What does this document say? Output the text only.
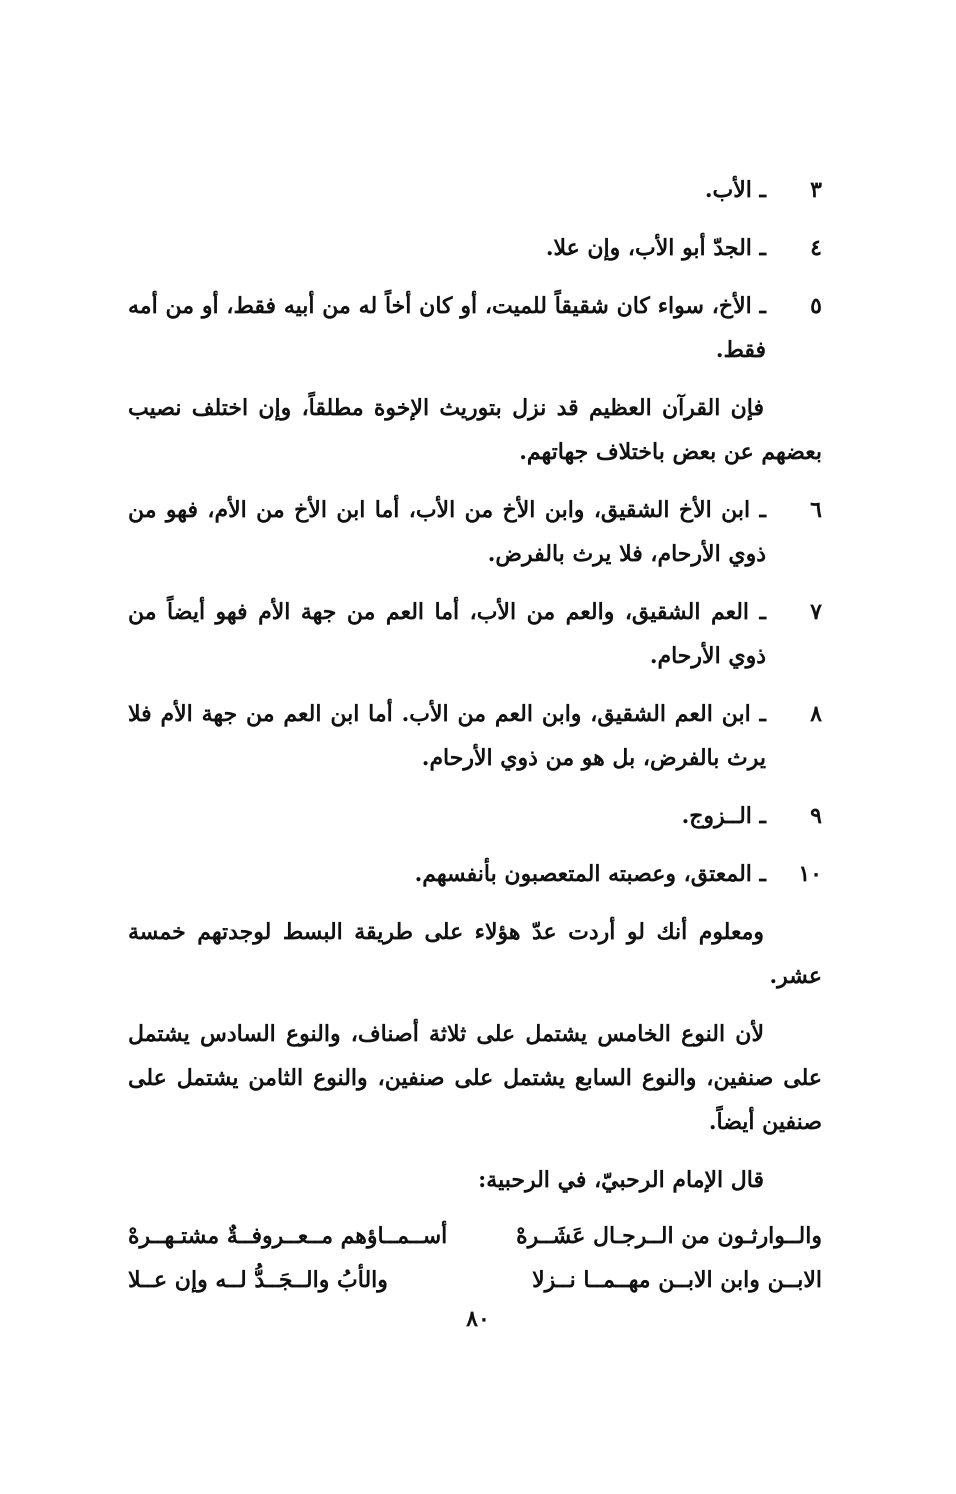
٣
ـ الأب.
٤
ـ الجدّ أبو الأب، وإن علا.
٥
ـ الأخ، سواء كان شقيقاً للميت، أو كان أخاً له من أبيه فقط، أو من أمه فقط.

فإن القرآن العظيم قد نزل بتوريث الإخوة مطلقاً، وإن اختلف نصيب بعضهم عن بعض باختلاف جهاتهم.

٦
ـ ابن الأخ الشقيق، وابن الأخ من الأب، أما ابن الأخ من الأم، فهو من ذوي الأرحام، فلا يرث بالفرض.
٧
ـ العم الشقيق، والعم من الأب، أما العم من جهة الأم فهو أيضاً من ذوي الأرحام.
٨
ـ ابن العم الشقيق، وابن العم من الأب. أما ابن العم من جهة الأم فلا يرث بالفرض، بل هو من ذوي الأرحام.
٩
ـ الــزوج.
١٠
ـ المعتق، وعصبته المتعصبون بأنفسهم.

ومعلوم أنك لو أردت عدّ هؤلاء على طريقة البسط لوجدتهم خمسة عشر.

لأن النوع الخامس يشتمل على ثلاثة أصناف، والنوع السادس يشتمل على صنفين، والنوع السابع يشتمل على صنفين، والنوع الثامن يشتمل على صنفين أيضاً.

قال الإمام الرحبيّ، في الرحبية:

والــوارثـون من الــرجـال عَشَــرهْ
أســمــاؤهم مــعــروفــةٌ مشتـهــرهْ
الابــن وابن الابــن مهــمــا نــزلا
والأبُ والــجَــدُّ لــه وإن عــلا
٨٠
